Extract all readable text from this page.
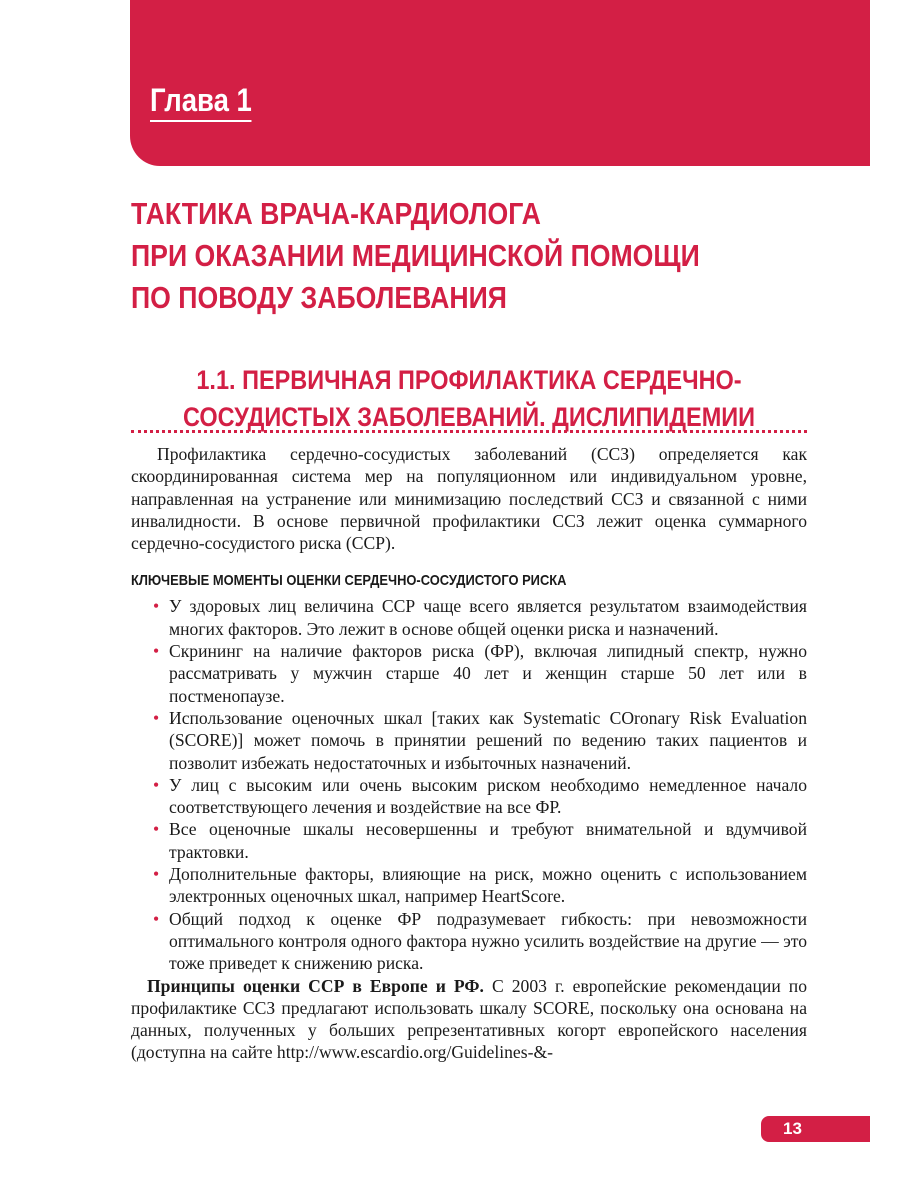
Глава 1
ТАКТИКА ВРАЧА-КАРДИОЛОГА
ПРИ ОКАЗАНИИ МЕДИЦИНСКОЙ ПОМОЩИ
ПО ПОВОДУ ЗАБОЛЕВАНИЯ
1.1. ПЕРВИЧНАЯ ПРОФИЛАКТИКА СЕРДЕЧНО-
СОСУДИСТЫХ ЗАБОЛЕВАНИЙ. ДИСЛИПИДЕМИИ

Профилактика сердечно-сосудистых заболеваний (ССЗ) определяется как скоординированная система мер на популяционном или индивидуальном уровне, направленная на устранение или минимизацию последствий ССЗ и связанной с ними инвалидности. В основе первичной профилактики ССЗ лежит оценка суммарного сердечно-сосудистого риска (ССР).

КЛЮЧЕВЫЕ МОМЕНТЫ ОЦЕНКИ СЕРДЕЧНО-СОСУДИСТОГО РИСКА
• У здоровых лиц величина ССР чаще всего является результатом взаимодействия многих факторов. Это лежит в основе общей оценки риска и назначений.
• Скрининг на наличие факторов риска (ФР), включая липидный спектр, нужно рассматривать у мужчин старше 40 лет и женщин старше 50 лет или в постменопаузе.
• Использование оценочных шкал [таких как Systematic COronary Risk Evaluation (SCORE)] может помочь в принятии решений по ведению таких пациентов и позволит избежать недостаточных и избыточных назначений.
• У лиц с высоким или очень высоким риском необходимо немедленное начало соответствующего лечения и воздействие на все ФР.
• Все оценочные шкалы несовершенны и требуют внимательной и вдумчивой трактовки.
• Дополнительные факторы, влияющие на риск, можно оценить с использованием электронных оценочных шкал, например HeartScore.
• Общий подход к оценке ФР подразумевает гибкость: при невозможности оптимального контроля одного фактора нужно усилить воздействие на другие — это тоже приведет к снижению риска.

Принципы оценки ССР в Европе и РФ. С 2003 г. европейские рекомендации по профилактике ССЗ предлагают использовать шкалу SCORE, поскольку она основана на данных, полученных у больших репрезентативных когорт европейского населения (доступна на сайте http://www.escardio.org/Guidelines-&-

13
